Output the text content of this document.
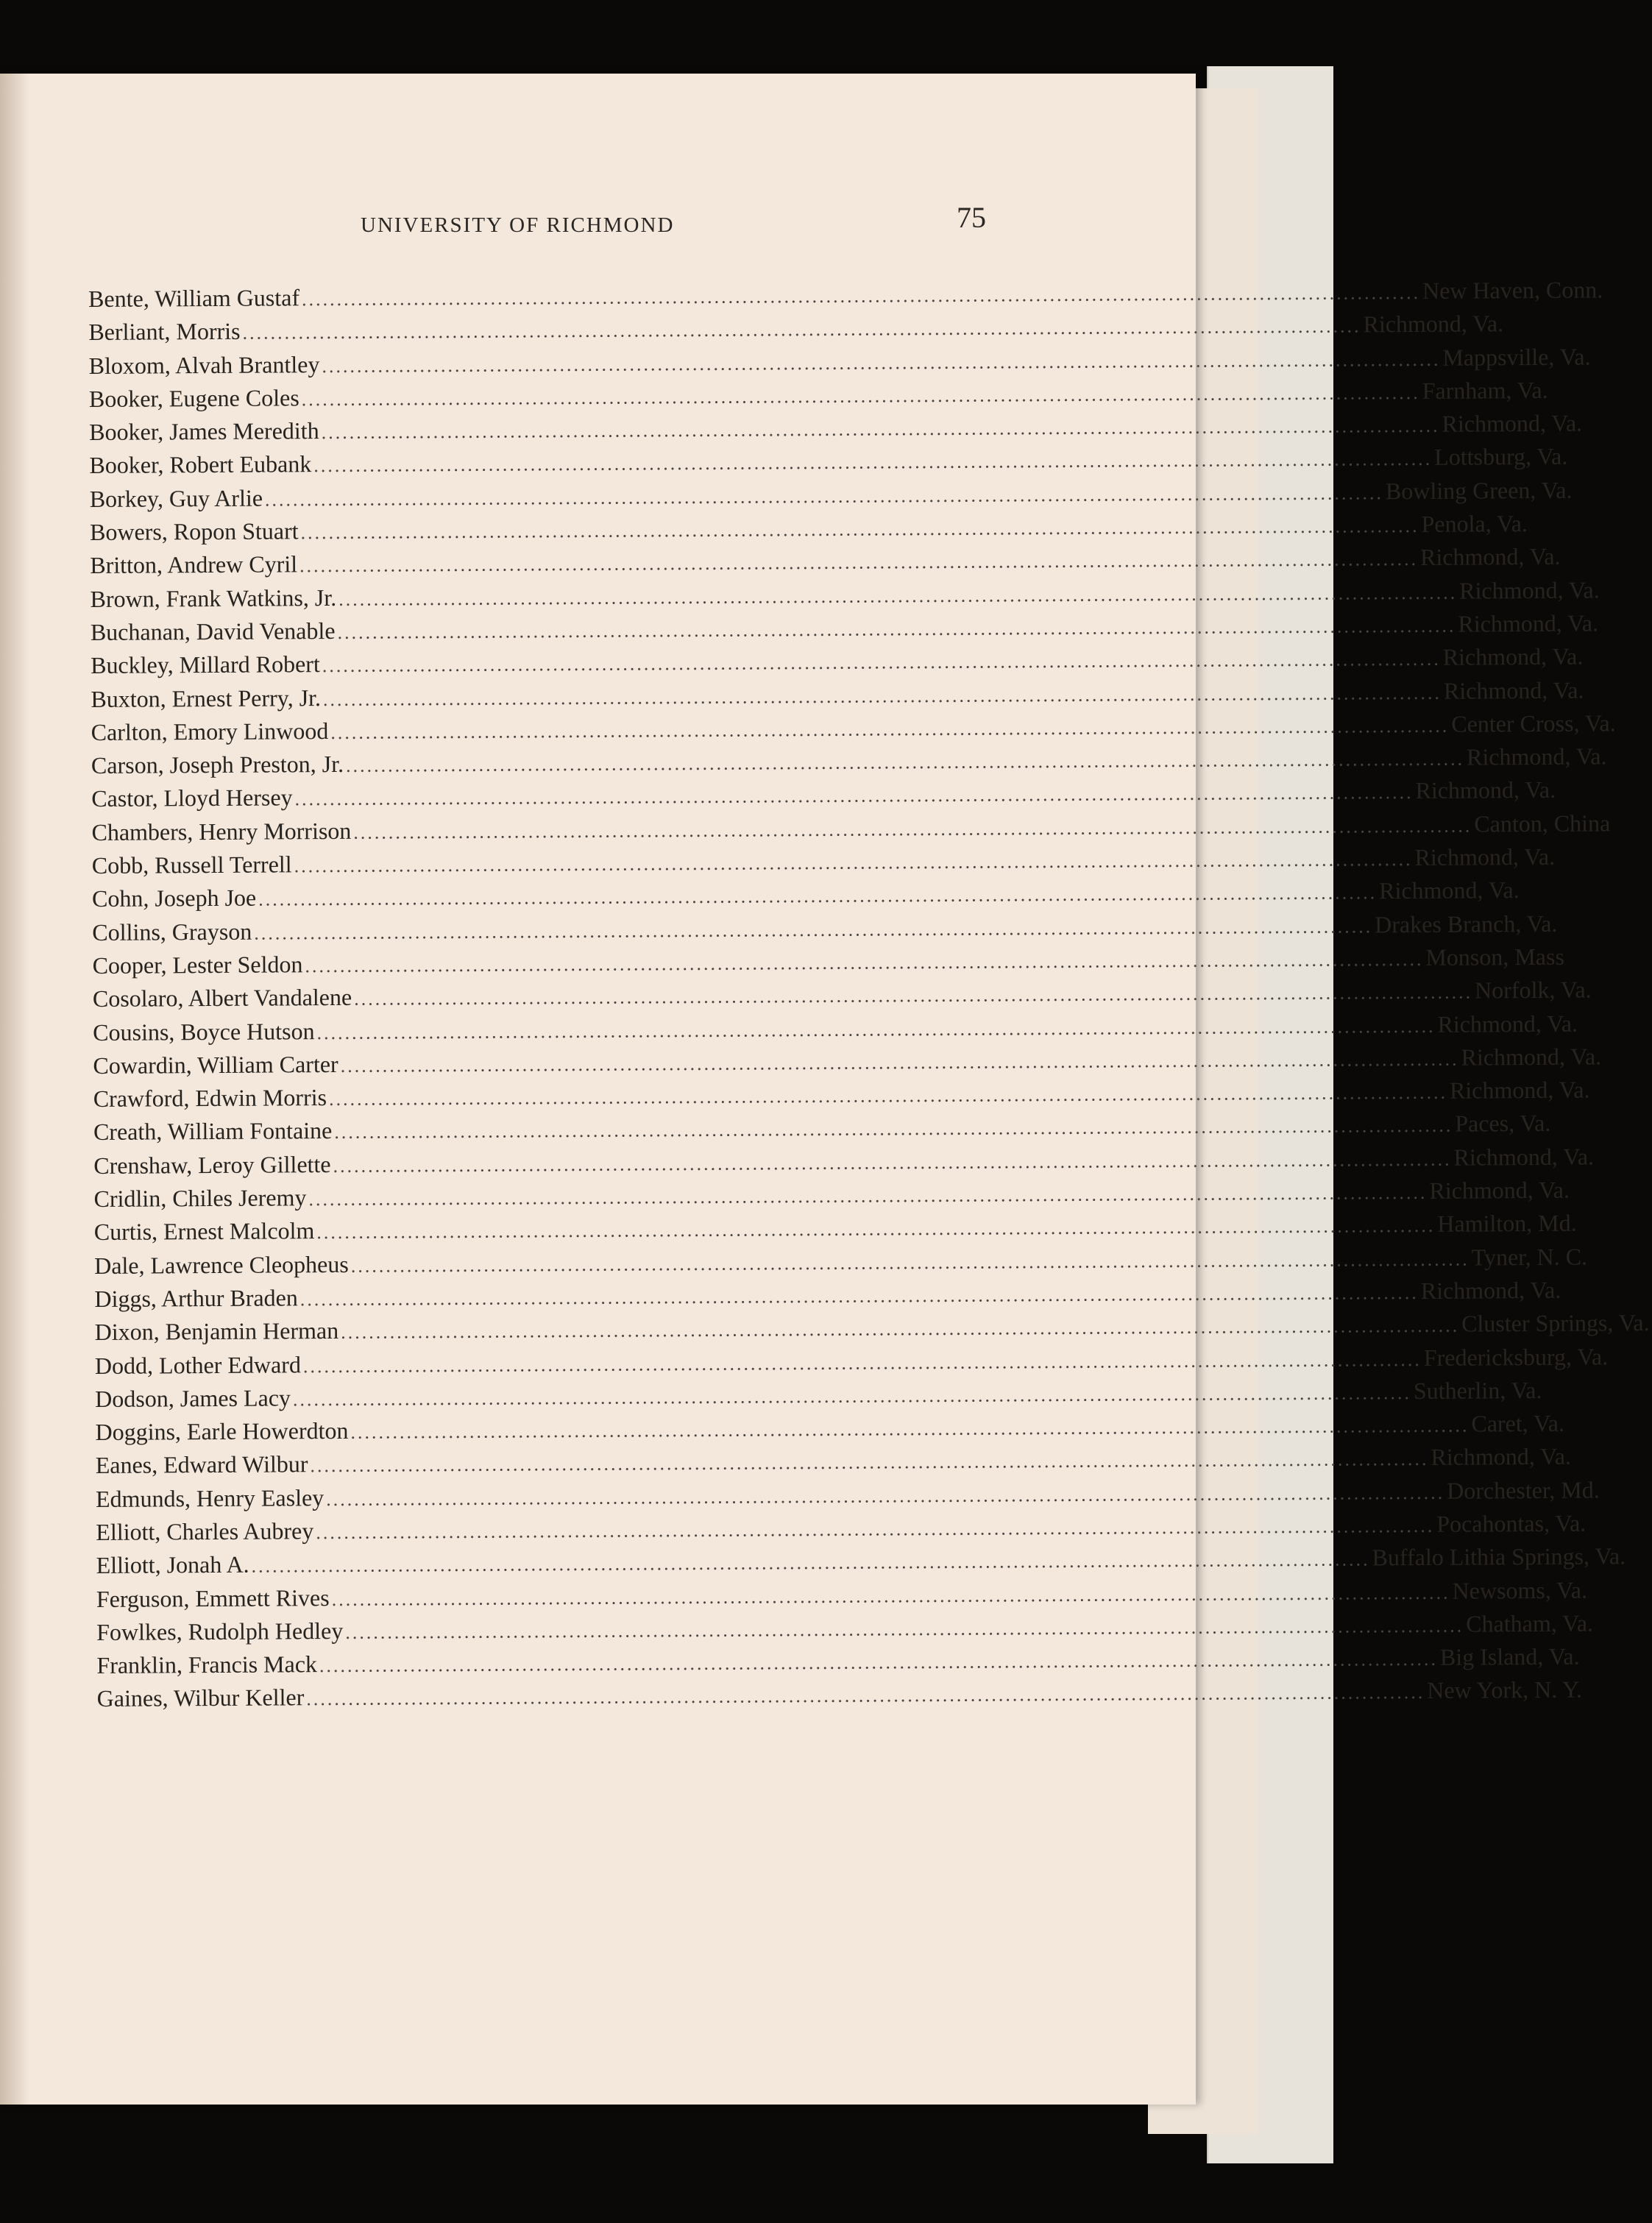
UNIVERSITY OF RICHMOND	75
Bente, William Gustaf ................................................................................................................................................................ New Haven, Conn.
Berliant, Morris ................................................................................................................................................................ Richmond, Va.
Bloxom, Alvah Brantley ................................................................................................................................................................ Mappsville, Va.
Booker, Eugene Coles ................................................................................................................................................................ Farnham, Va.
Booker, James Meredith ................................................................................................................................................................ Richmond, Va.
Booker, Robert Eubank ................................................................................................................................................................ Lottsburg, Va.
Borkey, Guy Arlie ................................................................................................................................................................ Bowling Green, Va.
Bowers, Ropon Stuart ................................................................................................................................................................ Penola, Va.
Britton, Andrew Cyril ................................................................................................................................................................ Richmond, Va.
Brown, Frank Watkins, Jr. ................................................................................................................................................................ Richmond, Va.
Buchanan, David Venable ................................................................................................................................................................ Richmond, Va.
Buckley, Millard Robert ................................................................................................................................................................ Richmond, Va.
Buxton, Ernest Perry, Jr. ................................................................................................................................................................ Richmond, Va.
Carlton, Emory Linwood ................................................................................................................................................................ Center Cross, Va.
Carson, Joseph Preston, Jr. ................................................................................................................................................................ Richmond, Va.
Castor, Lloyd Hersey ................................................................................................................................................................ Richmond, Va.
Chambers, Henry Morrison ................................................................................................................................................................ Canton, China
Cobb, Russell Terrell ................................................................................................................................................................ Richmond, Va.
Cohn, Joseph Joe ................................................................................................................................................................ Richmond, Va.
Collins, Grayson ................................................................................................................................................................ Drakes Branch, Va.
Cooper, Lester Seldon ................................................................................................................................................................ Monson, Mass
Cosolaro, Albert Vandalene ................................................................................................................................................................ Norfolk, Va.
Cousins, Boyce Hutson ................................................................................................................................................................ Richmond, Va.
Cowardin, William Carter ................................................................................................................................................................ Richmond, Va.
Crawford, Edwin Morris ................................................................................................................................................................ Richmond, Va.
Creath, William Fontaine ................................................................................................................................................................ Paces, Va.
Crenshaw, Leroy Gillette ................................................................................................................................................................ Richmond, Va.
Cridlin, Chiles Jeremy ................................................................................................................................................................ Richmond, Va.
Curtis, Ernest Malcolm ................................................................................................................................................................ Hamilton, Md.
Dale, Lawrence Cleopheus ................................................................................................................................................................ Tyner, N. C.
Diggs, Arthur Braden ................................................................................................................................................................ Richmond, Va.
Dixon, Benjamin Herman ................................................................................................................................................................ Cluster Springs, Va.
Dodd, Lother Edward ................................................................................................................................................................ Fredericksburg, Va.
Dodson, James Lacy ................................................................................................................................................................ Sutherlin, Va.
Doggins, Earle Howerdton ................................................................................................................................................................ Caret, Va.
Eanes, Edward Wilbur ................................................................................................................................................................ Richmond, Va.
Edmunds, Henry Easley ................................................................................................................................................................ Dorchester, Md.
Elliott, Charles Aubrey ................................................................................................................................................................ Pocahontas, Va.
Elliott, Jonah A. ................................................................................................................................................................ Buffalo Lithia Springs, Va.
Ferguson, Emmett Rives ................................................................................................................................................................ Newsoms, Va.
Fowlkes, Rudolph Hedley ................................................................................................................................................................ Chatham, Va.
Franklin, Francis Mack ................................................................................................................................................................ Big Island, Va.
Gaines, Wilbur Keller ................................................................................................................................................................ New York, N. Y.
